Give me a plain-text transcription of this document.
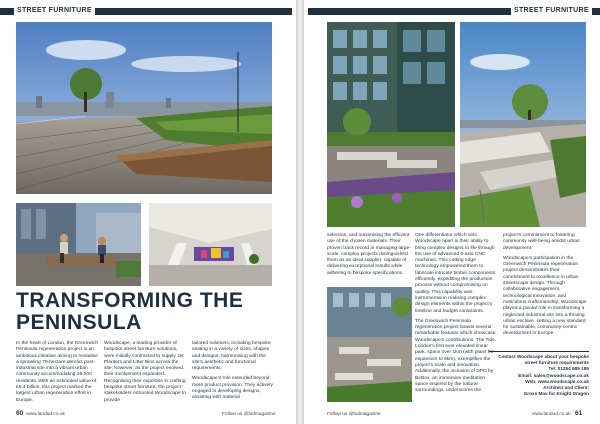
STREET FURNITURE
TRANSFORMING THE PENINSULA

In the heart of London, the Greenwich Peninsula regeneration project is an ambitious initiative aiming to revitalise a sprawling 79-hectare derelict post-industrial site into a vibrant urban community accommodating 35,000 residents. With an estimated value of £8.4 billion, this project marked the largest urban regeneration effort in Europe.

Woodscape, a leading provider of bespoke street furniture solutions, were initially contracted to supply Jet Planters and Litter Bins across the site; however, as the project evolved, their involvement expanded. Recognising their expertise in crafting bespoke street furniture, the project stakeholders entrusted Woodscape to provide

tailored solutions, including bespoke seating in a variety of sizes, shapes and designs, harmonising with the site's aesthetic and functional requirements.

Woodscape's role extended beyond mere product provision. They actively engaged in developing designs, assisting with material

60 www.landud.co.uk	Follow us @ludmagazine
STREET FURNITURE

selection, and maximising the efficient use of the chosen materials. Their proven track record in managing large-scale, complex projects distinguished them as an ideal supplier, capable of delivering exceptional results while adhering to bespoke specifications.

One differentiator which sets Woodscape apart is their ability to bring complex designs to life through the use of advanced 5-axis CNC machines. This cutting edge technology empowered them to fabricate intricate timber components efficiently, expediting the production process without compromising on quality. This capability was instrumental in realising complex design elements within the project's timeline and budget constraints.

The Greenwich Peninsula regeneration project boasts several remarkable features which showcase Woodscape's contributions. The Tide, London's first ever elevated linear park, spans over 1km (with plans for expansion to 5km), exemplifies the project's scale and innovation. Additionally, the inclusion of DPD by BeBox, an immersive meditation space inspired by the natural surroundings, underscores the

project's commitment to fostering community well-being amidst urban development.

Woodscape's participation in the Greenwich Peninsula regeneration project demonstrates their commitment to excellence in urban streetscape design. Through collaborative engagement, technological innovation, and meticulous craftsmanship, Woodscape played a pivotal role in transforming a neglected industrial site into a thriving urban enclave, setting a new standard for sustainable, community-centric development in Europe.

Follow us @ludmagazine	www.landud.co.uk 61
Contact Woodscape about your bespoke street furniture requirements
Tel: 01254 685 185
Email: sales@woodscape.co.uk
Web: www.woodscape.co.uk
Architect and Client:
Gross Max for Knight Dragon
